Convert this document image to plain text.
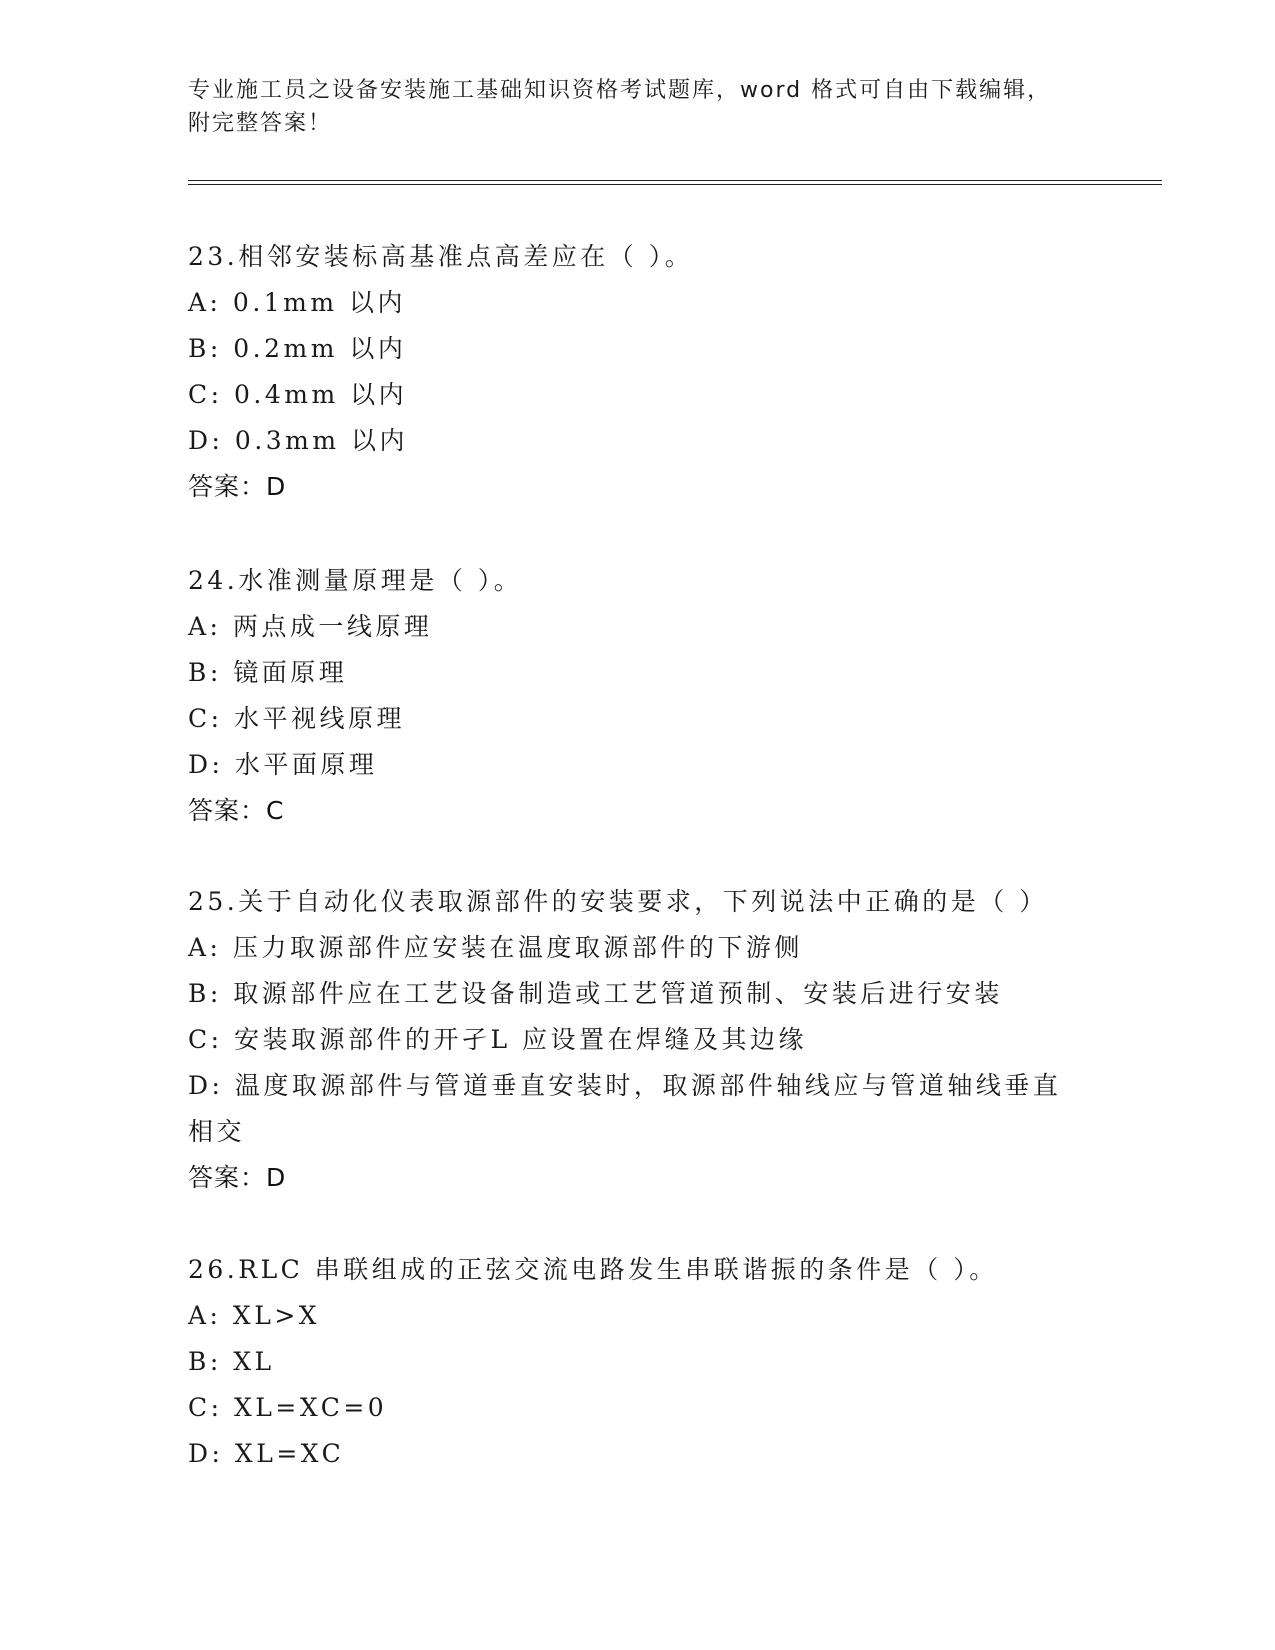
专业施工员之设备安装施工基础知识资格考试题库，word 格式可自由下载编辑，
附完整答案！
23.相邻安装标高基准点高差应在（ ）。
A: 0.1mm 以内
B: 0.2mm 以内
C: 0.4mm 以内
D: 0.3mm 以内
答案：D
24.水准测量原理是（ ）。
A: 两点成一线原理
B: 镜面原理
C: 水平视线原理
D: 水平面原理
答案：C
25.关于自动化仪表取源部件的安装要求，下列说法中正确的是（ ）
A: 压力取源部件应安装在温度取源部件的下游侧
B: 取源部件应在工艺设备制造或工艺管道预制、安装后进行安装
C: 安装取源部件的开孑L 应设置在焊缝及其边缘
D: 温度取源部件与管道垂直安装时，取源部件轴线应与管道轴线垂直
相交
答案：D
26.RLC 串联组成的正弦交流电路发生串联谐振的条件是（ ）。
A: XL>X
B: XL
C: XL=XC=0
D: XL=XC
